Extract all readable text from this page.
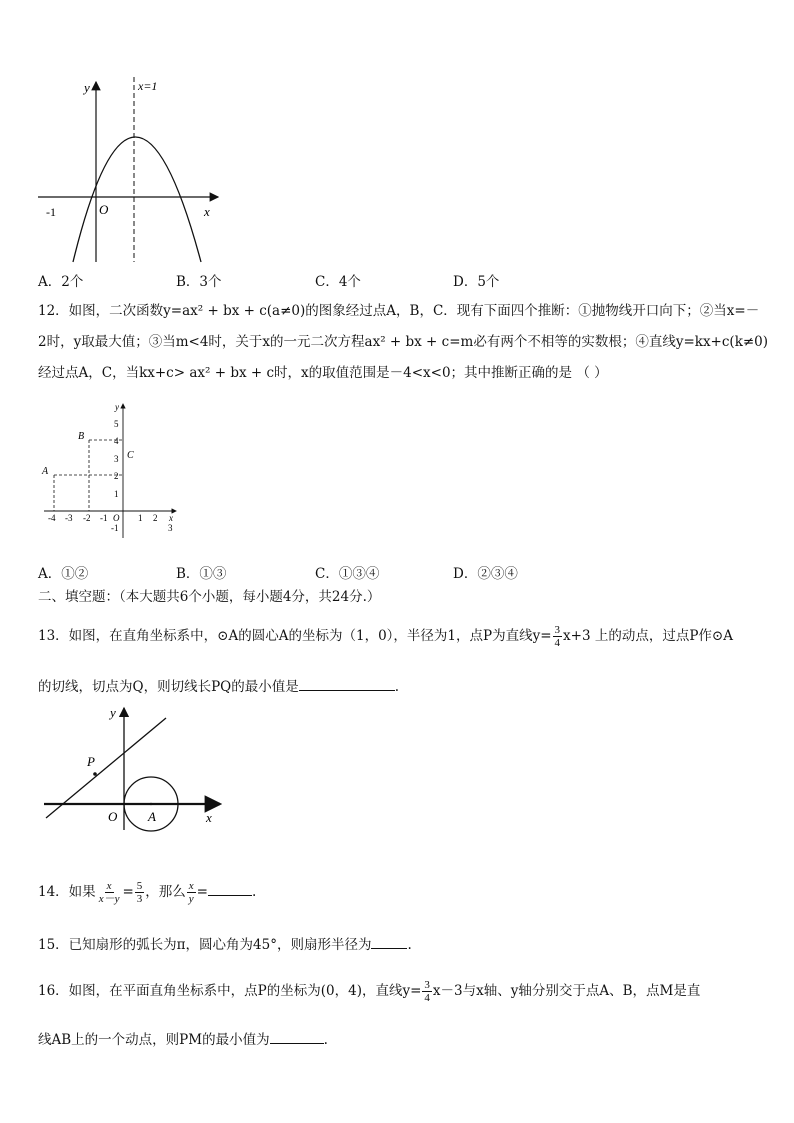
x=1
y
x
O
-1
A．2个	B．3个	C．4个	D．5个
12．如图，二次函数y=ax² + bx + c(a≠0)的图象经过点A，B，C．现有下面四个推断：①抛物线开口向下；②当x=－
2时，y取最大值；③当m<4时，关于x的一元二次方程ax² + bx + c=m必有两个不相等的实数根；④直线y=kx+c(k≠0)
经过点A，C，当kx+c> ax² + bx + c时，x的取值范围是－4<x<0；其中推断正确的是 （ ）
A
B
C
y
x
O
5
4
3
2
1
-1
-4 -3 -2 -1	1 2
3
A．①②	B．①③	C．①③④	D．②③④
二、填空题：（本大题共6个小题，每小题4分，共24分.）
13．如图，在直角坐标系中，⊙A的圆心A的坐标为（1，0），半径为1，点P为直线$y= \frac{3}{4} x+3$ 上的动点，过点P作⊙A
的切线，切点为Q，则切线长PQ的最小值是	.
y
x
O A
P
14．如果 $\frac{x}{x-y} = \frac{5}{3}$ ，那么 $\frac{x}{y}$ =	.
15．已知扇形的弧长为π，圆心角为45°，则扇形半径为	.
16．如图，在平面直角坐标系中，点P的坐标为(0，4)，直线$y= \frac{3}{4} x-3$与x轴、y轴分别交于点A、B，点M是直
线AB上的一个动点，则PM的最小值为	.
